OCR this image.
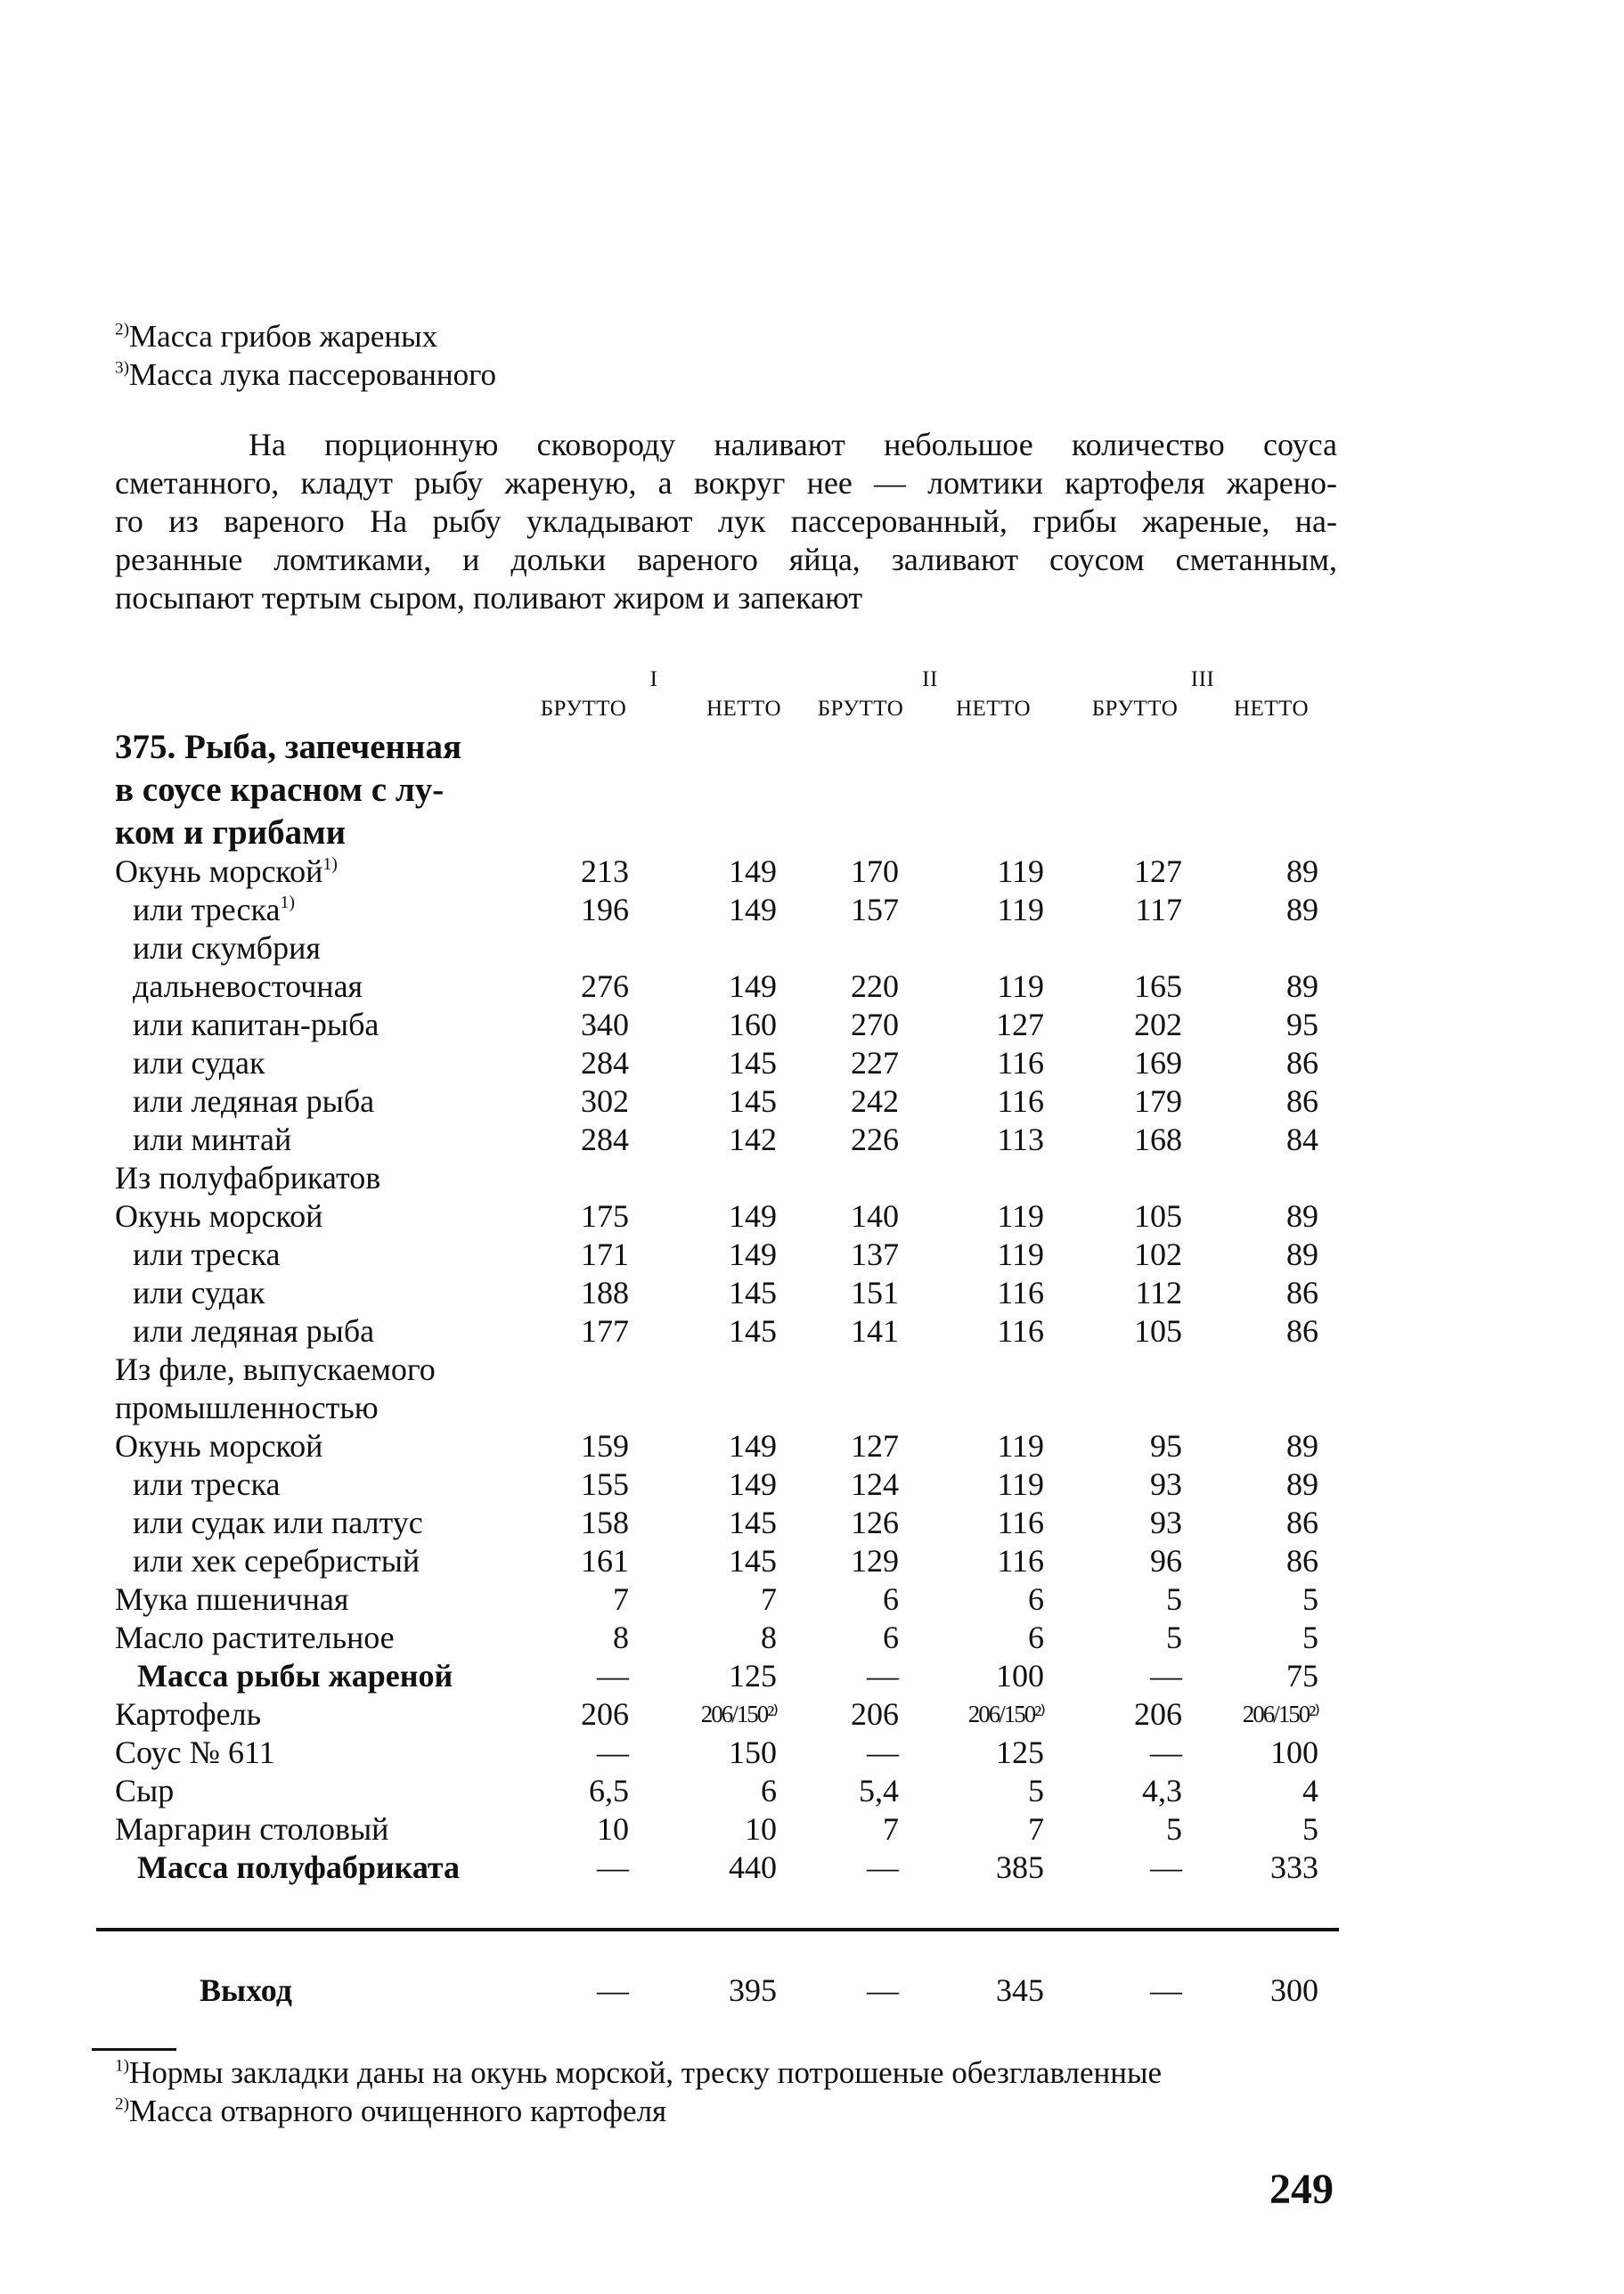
$^{2)}$Масса грибов жареных
$^{3)}$Масса лука пассерованного
На порционную сковороду наливают небольшое количество соуса
сметанного, кладут рыбу жареную, а вокруг нее — ломтики картофеля жарено-
го из вареного На рыбу укладывают лук пассерованный, грибы жареные, на-
резанные ломтиками, и дольки вареного яйца, заливают соусом сметанным,
посыпают тертым сыром, поливают жиром и запекают
I	II	III
БРУТТО	НЕТТО БРУТТО НЕТТО	БРУТТО	НЕТТО
375. Рыба, запеченная
в соусе красном с лу-
ком и грибами
Окунь морской$^{1)}$	213	149	170	119	127	89
или треска$^{1)}$	196	149	157	119	117	89
или скумбрия
дальневосточная	276	149	220	119	165	89
или капитан-рыба	340	160	270	127	202	95
или судак	284	145	227	116	169	86
или ледяная рыба	302	145	242	116	179	86
или минтай	284	142	226	113	168	84
Из полуфабрикатов
Окунь морской	175	149	140	119	105	89
или треска	171	149	137	119	102	89
или судак	188	145	151	116	112	86
или ледяная рыба	177	145	141	116	105	86
Из филе, выпускаемого
промышленностью
Окунь морской	159	149	127	119	95	89
или треска	155	149	124	119	93	89
или судак или палтус	158	145	126	116	93	86
или хек серебристый	161	145	129	116	96	86
Мука пшеничная	7	7	6	6	5	5
Масло растительное	8	8	6	6	5	5
Масса рыбы жареной	—	125	—	100	—	75
Картофель	206	206/150²⁾	206	206/150²⁾	206	206/150²⁾
Соус № 611	—	150	—	125	—	100
Сыр	6,5	6	5,4	5	4,3	4
Маргарин столовый	10	10	7	7	5	5
Масса полуфабриката	—	440	—	385	—	333
Выход	—	395	—	345	—	300
$^{1)}$Нормы закладки даны на окунь морской, треску потрошеные обезглавленные
$^{2)}$Масса отварного очищенного картофеля
249
